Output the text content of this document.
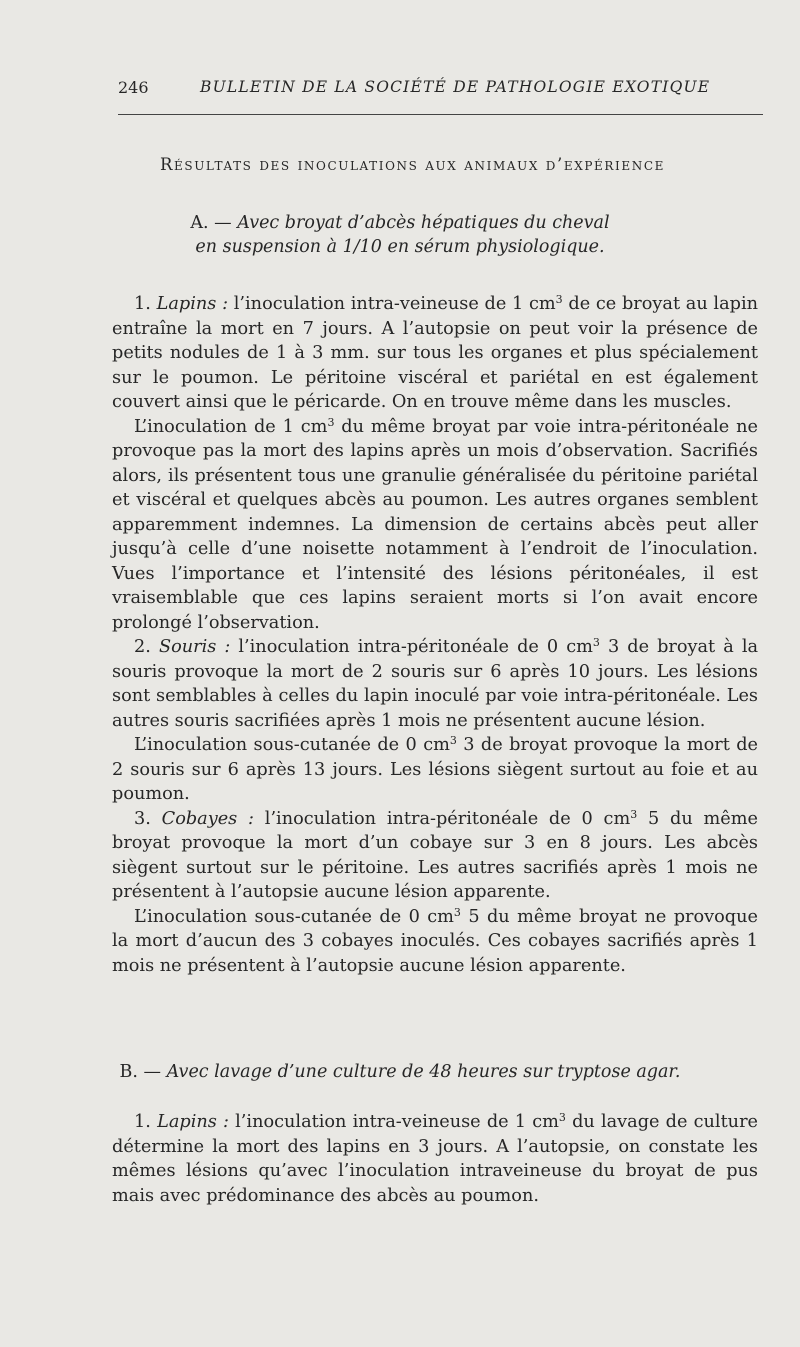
246	BULLETIN DE LA SOCIÉTÉ DE PATHOLOGIE EXOTIQUE
Résultats des inoculations aux animaux d’expérience
A. — Avec broyat d’abcès hépatiques du cheval
en suspension à 1/10 en sérum physiologique.

1. Lapins : l’inoculation intra-veineuse de 1 $cm^3$ de ce broyat au lapin entraîne la mort en 7 jours. A l’autopsie on peut voir la présence de petits nodules de 1 à 3 mm. sur tous les organes et plus spécialement sur le poumon. Le péritoine viscéral et pariétal en est également couvert ainsi que le péricarde. On en trouve même dans les muscles.

L’inoculation de 1 $cm^3$ du même broyat par voie intra-péritonéale ne provoque pas la mort des lapins après un mois d’observation. Sacrifiés alors, ils présentent tous une granulie généralisée du péritoine pariétal et viscéral et quelques abcès au poumon. Les autres organes semblent apparemment indemnes. La dimension de certains abcès peut aller jusqu’à celle d’une noisette notamment à l’endroit de l’inoculation. Vues l’importance et l’intensité des lésions péritonéales, il est vraisemblable que ces lapins seraient morts si l’on avait encore prolongé l’observation.

2. Souris : l’inoculation intra-péritonéale de 0 $cm^3$ 3 de broyat à la souris provoque la mort de 2 souris sur 6 après 10 jours. Les lésions sont semblables à celles du lapin inoculé par voie intra-péritonéale. Les autres souris sacrifiées après 1 mois ne présentent aucune lésion.

L’inoculation sous-cutanée de 0 $cm^3$ 3 de broyat provoque la mort de 2 souris sur 6 après 13 jours. Les lésions siègent surtout au foie et au poumon.

3. Cobayes : l’inoculation intra-péritonéale de 0 $cm^3$ 5 du même broyat provoque la mort d’un cobaye sur 3 en 8 jours. Les abcès siègent surtout sur le péritoine. Les autres sacrifiés après 1 mois ne présentent à l’autopsie aucune lésion apparente.

L’inoculation sous-cutanée de 0 $cm^3$ 5 du même broyat ne provoque la mort d’aucun des 3 cobayes inoculés. Ces cobayes sacrifiés après 1 mois ne présentent à l’autopsie aucune lésion apparente.

B. — Avec lavage d’une culture de 48 heures sur tryptose agar.

1. Lapins : l’inoculation intra-veineuse de 1 $cm^3$ du lavage de culture détermine la mort des lapins en 3 jours. A l’autopsie, on constate les mêmes lésions qu’avec l’inoculation intraveineuse du broyat de pus mais avec prédominance des abcès au poumon.
